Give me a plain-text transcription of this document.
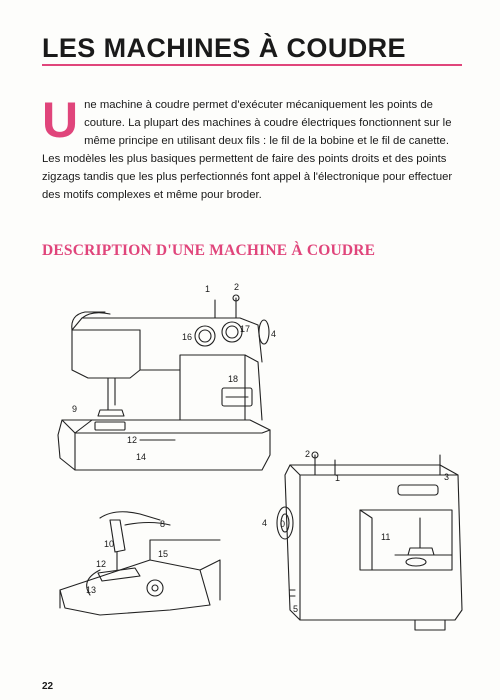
LES MACHINES À COUDRE
U ne machine à coudre permet d'exécuter mécaniquement les points de couture. La plupart des machines à coudre électriques fonctionnent sur le même principe en utilisant deux fils : le fil de la bobine et le fil de canette.

Les modèles les plus basiques permettent de faire des points droits et des points zigzags tandis que les plus perfectionnés font appel à l'électronique pour effectuer des motifs complexes et même pour broder.

DESCRIPTION D'UNE MACHINE À COUDRE
1	2
16
17 4
18
9
12
14
8
10
15
12
13
2
1	3
4 0
11
5
22
